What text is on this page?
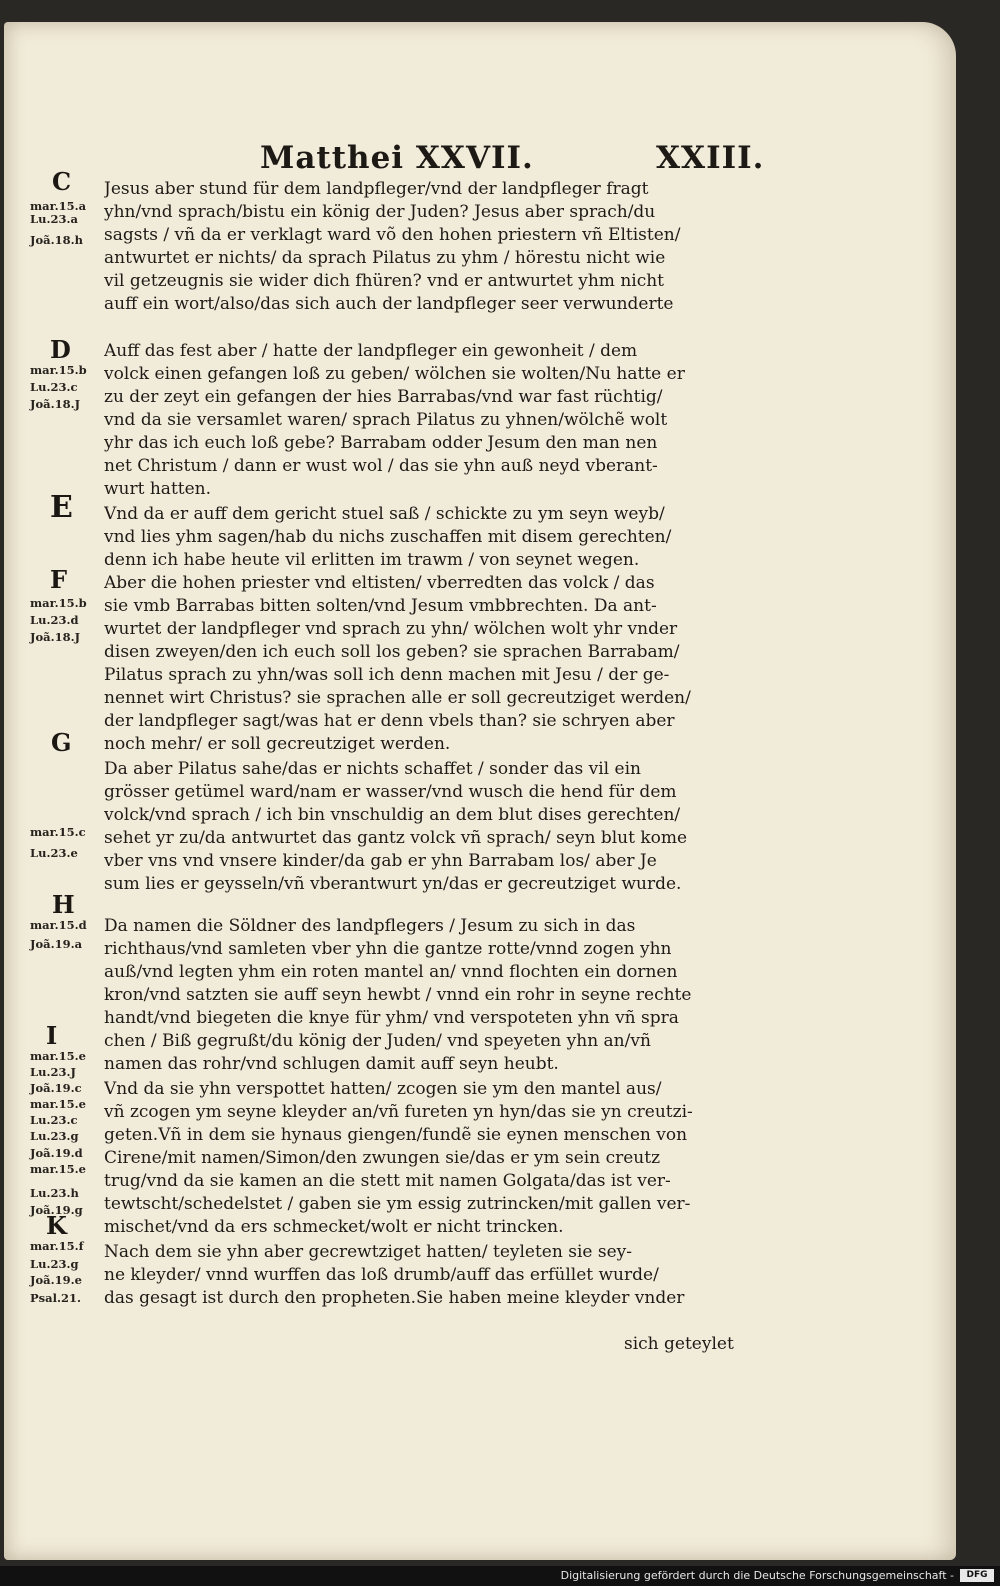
Matthei XXVII.	XXIII.
C
D
E
F
G
H
I
K
mar.15.a
Lu.23.a
Joã.18.h
mar.15.b
Lu.23.c
Joã.18.J
mar.15.b
Lu.23.d
Joã.18.J
mar.15.c
Lu.23.e
mar.15.d
Joã.19.a
mar.15.e
Lu.23.J
Joã.19.c
mar.15.e
Lu.23.c
Lu.23.g
Joã.19.d
mar.15.e
Lu.23.h
Joã.19.g
mar.15.f
Lu.23.g
Joã.19.e
Psal.21.
Jesus aber stund für dem landpfleger/vnd der landpfleger fragt
yhn/vnd sprach/bistu ein könig der Juden? Jesus aber sprach/du
sagsts / vñ da er verklagt ward võ den hohen priestern vñ Eltisten/
antwurtet er nichts/ da sprach Pilatus zu yhm / hörestu nicht wie
vil getzeugnis sie wider dich fhüren? vnd er antwurtet yhm nicht
auff ein wort/also/das sich auch der landpfleger seer verwunderte
Auff das fest aber / hatte der landpfleger ein gewonheit / dem
volck einen gefangen loß zu geben/ wölchen sie wolten/Nu hatte er
zu der zeyt ein gefangen der hies Barrabas/vnd war fast rüchtig/
vnd da sie versamlet waren/ sprach Pilatus zu yhnen/wölchẽ wolt
yhr das ich euch loß gebe? Barrabam odder Jesum den man nen
net Christum / dann er wust wol / das sie yhn auß neyd vberant-
wurt hatten.
Vnd da er auff dem gericht stuel saß / schickte zu ym seyn weyb/
vnd lies yhm sagen/hab du nichs zuschaffen mit disem gerechten/
denn ich habe heute vil erlitten im trawm / von seynet wegen.
Aber die hohen priester vnd eltisten/ vberredten das volck / das
sie vmb Barrabas bitten solten/vnd Jesum vmbbrechten. Da ant-
wurtet der landpfleger vnd sprach zu yhn/ wölchen wolt yhr vnder
disen zweyen/den ich euch soll los geben? sie sprachen Barrabam/
Pilatus sprach zu yhn/was soll ich denn machen mit Jesu / der ge-
nennet wirt Christus? sie sprachen alle er soll gecreutziget werden/
der landpfleger sagt/was hat er denn vbels than? sie schryen aber
noch mehr/ er soll gecreutziget werden.
Da aber Pilatus sahe/das er nichts schaffet / sonder das vil ein
grösser getümel ward/nam er wasser/vnd wusch die hend für dem
volck/vnd sprach / ich bin vnschuldig an dem blut dises gerechten/
sehet yr zu/da antwurtet das gantz volck vñ sprach/ seyn blut kome
vber vns vnd vnsere kinder/da gab er yhn Barrabam los/ aber Je
sum lies er geysseln/vñ vberantwurt yn/das er gecreutziget wurde.
Da namen die Söldner des landpflegers / Jesum zu sich in das
richthaus/vnd samleten vber yhn die gantze rotte/vnnd zogen yhn
auß/vnd legten yhm ein roten mantel an/ vnnd flochten ein dornen
kron/vnd satzten sie auff seyn hewbt / vnnd ein rohr in seyne rechte
handt/vnd biegeten die knye für yhm/ vnd verspoteten yhn vñ spra
chen / Biß gegrußt/du könig der Juden/ vnd speyeten yhn an/vñ
namen das rohr/vnd schlugen damit auff seyn heubt.
Vnd da sie yhn verspottet hatten/ zcogen sie ym den mantel aus/
vñ zcogen ym seyne kleyder an/vñ fureten yn hyn/das sie yn creutzi-
geten.Vñ in dem sie hynaus giengen/fundẽ sie eynen menschen von
Cirene/mit namen/Simon/den zwungen sie/das er ym sein creutz
trug/vnd da sie kamen an die stett mit namen Golgata/das ist ver-
tewtscht/schedelstet / gaben sie ym essig zutrincken/mit gallen ver-
mischet/vnd da ers schmecket/wolt er nicht trincken.
Nach dem sie yhn aber gecrewtziget hatten/ teyleten sie sey-
ne kleyder/ vnnd wurffen das loß drumb/auff das erfüllet wurde/
das gesagt ist durch den propheten.Sie haben meine kleyder vnder
sich geteylet
Digitalisierung gefördert durch die Deutsche Forschungsgemeinschaft -	DFG
